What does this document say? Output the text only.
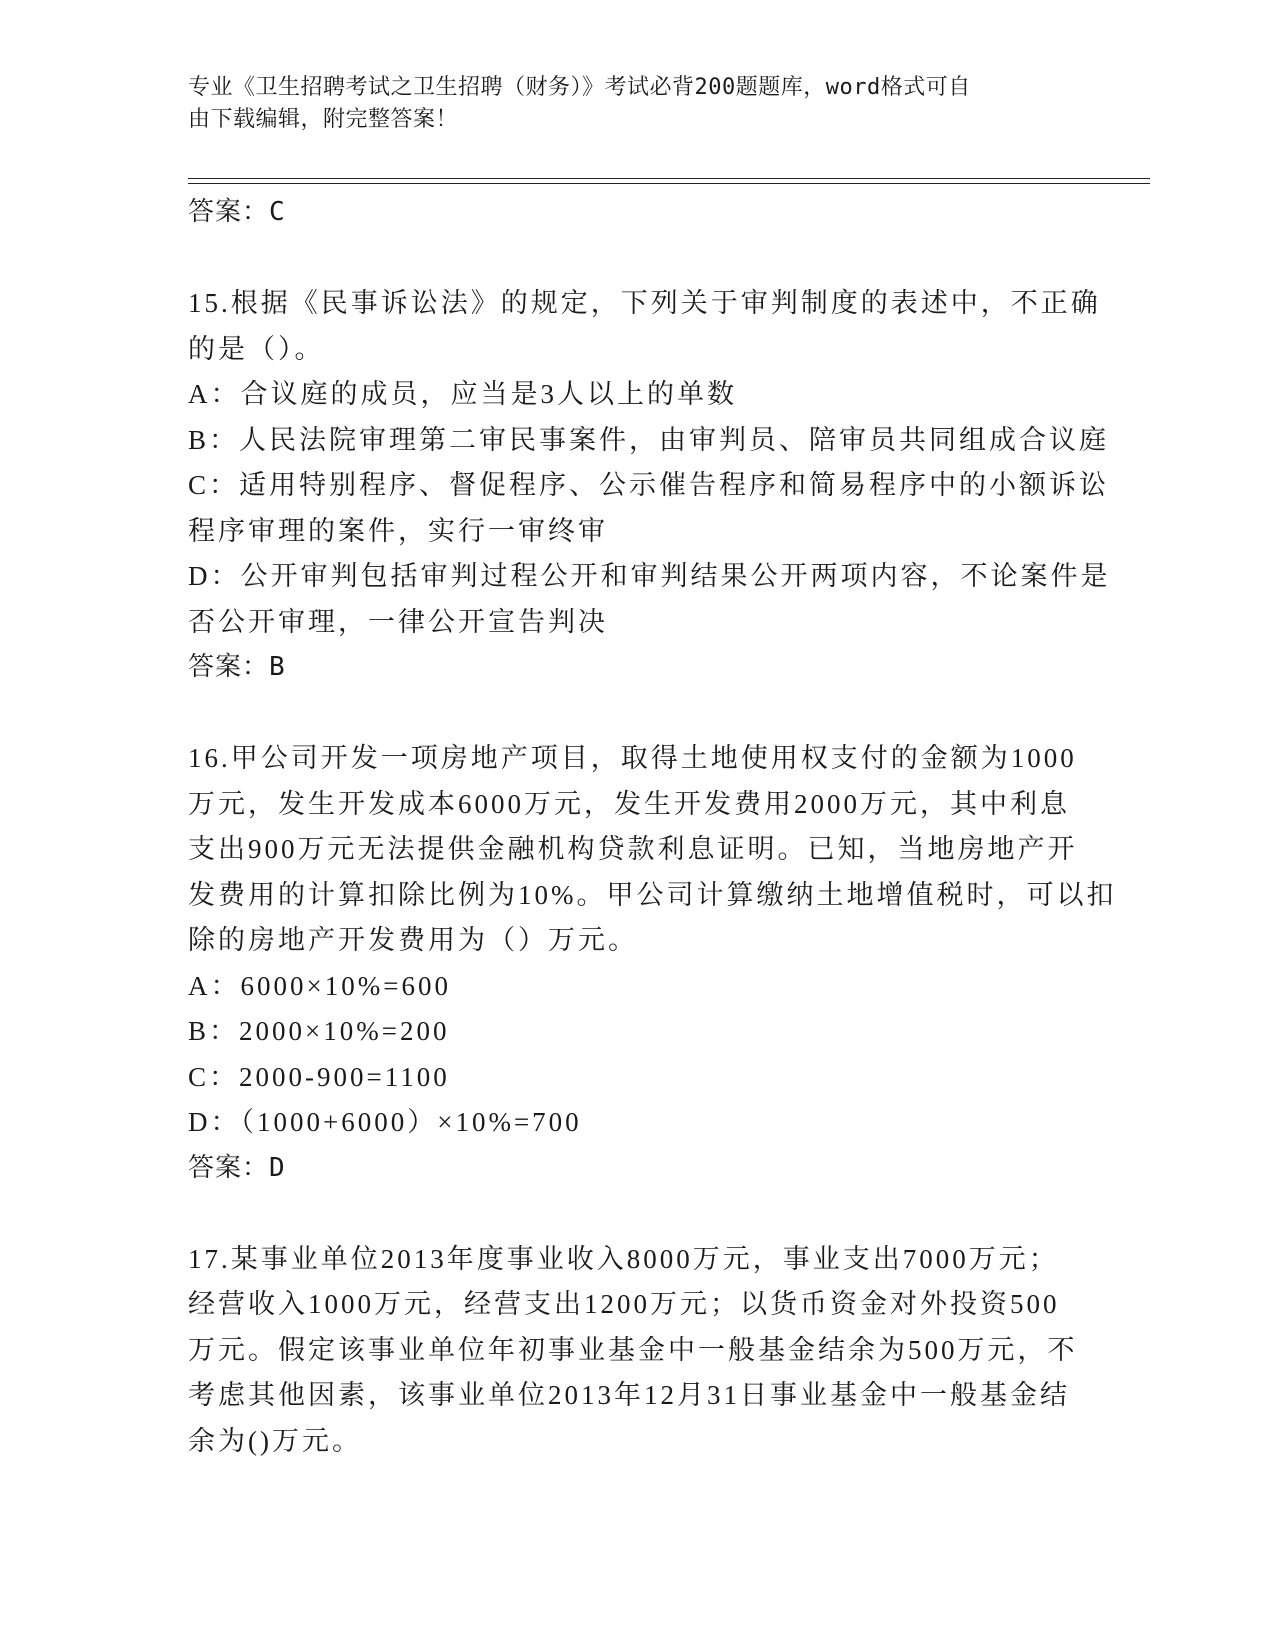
专业《卫生招聘考试之卫生招聘（财务）》考试必背200题题库，word格式可自
由下载编辑，附完整答案！
答案：C
15.根据《民事诉讼法》的规定，下列关于审判制度的表述中，不正确
的是（）。
A：合议庭的成员，应当是3人以上的单数
B：人民法院审理第二审民事案件，由审判员、陪审员共同组成合议庭
C：适用特别程序、督促程序、公示催告程序和简易程序中的小额诉讼
程序审理的案件，实行一审终审
D：公开审判包括审判过程公开和审判结果公开两项内容，不论案件是
否公开审理，一律公开宣告判决
答案：B
16.甲公司开发一项房地产项目，取得土地使用权支付的金额为1000
万元，发生开发成本6000万元，发生开发费用2000万元，其中利息
支出900万元无法提供金融机构贷款利息证明。已知，当地房地产开
发费用的计算扣除比例为10%。甲公司计算缴纳土地增值税时，可以扣
除的房地产开发费用为（）万元。
A：6000×10%=600
B：2000×10%=200
C：2000-900=1100
D：（1000+6000）×10%=700
答案：D
17.某事业单位2013年度事业收入8000万元，事业支出7000万元；
经营收入1000万元，经营支出1200万元；以货币资金对外投资500
万元。假定该事业单位年初事业基金中一般基金结余为500万元，不
考虑其他因素，该事业单位2013年12月31日事业基金中一般基金结
余为()万元。
